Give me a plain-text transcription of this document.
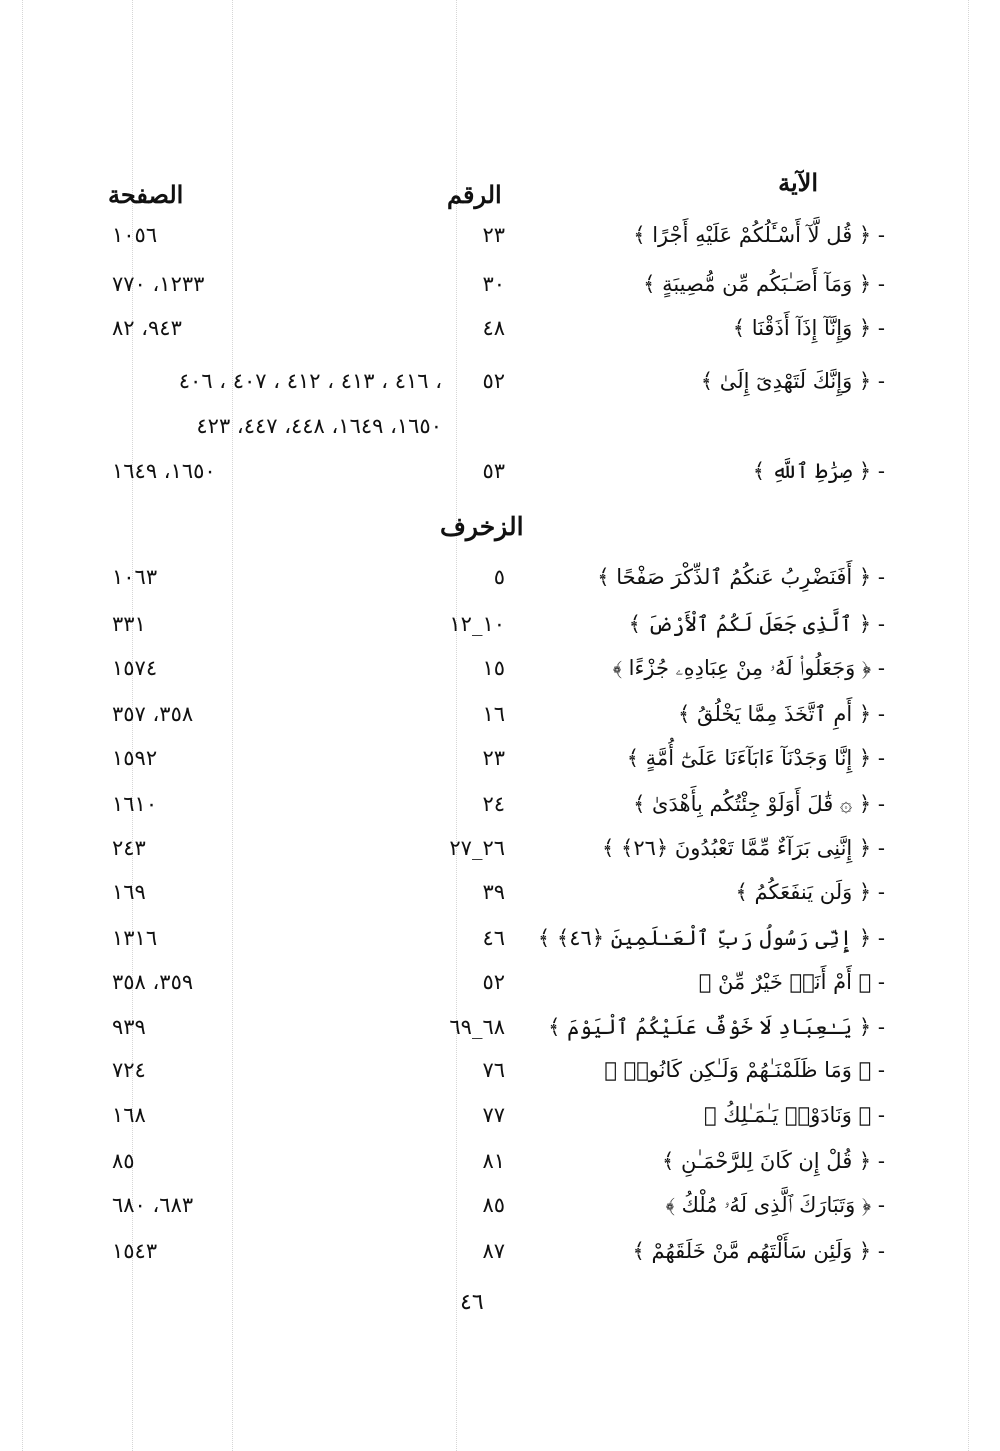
الآية
الرقم
الصفحة
- ﴿ قُل لَّآ أَسْـَٔلُكُمْ عَلَيْهِ أَجْرًا ﴾
٢٣
١٠٥٦
- ﴿ وَمَآ أَصَـٰبَكُم مِّن مُّصِيبَةٍ ﴾
٣٠
١٢٣٣، ٧٧٠
- ﴿ وَإِنَّآ إِذَآ أَذَقْنَا ﴾
٤٨
٩٤٣، ٨٢
- ﴿ وَإِنَّكَ لَتَهْدِىٓ إِلَىٰ ﴾
٥٢
، ٤١٦ ، ٤١٣ ، ٤١٢ ، ٤٠٧ ، ٤٠٦
١٦٥٠، ١٦٤٩، ٤٤٨، ٤٤٧، ٤٢٣
- ﴿ صِرَٰطِ ٱللَّهِ ﴾
٥٣
١٦٥٠، ١٦٤٩
الزخرف
- ﴿ أَفَنَضْرِبُ عَنكُمُ ٱلذِّكْرَ صَفْحًا ﴾
٥
١٠٦٣
- ﴿ ٱلَّذِى جَعَلَ لَكُمُ ٱلْأَرْضَ ﴾
١٠_١٢
٣٣١
- ﴿ وَجَعَلُوا۟ لَهُۥ مِنْ عِبَادِهِۦ جُزْءًا ﴾
١٥
١٥٧٤
- ﴿ أَمِ ٱتَّخَذَ مِمَّا يَخْلُقُ ﴾
١٦
٣٥٨، ٣٥٧
- ﴿ إِنَّا وَجَدْنَآ ءَابَآءَنَا عَلَىٰٓ أُمَّةٍ ﴾
٢٣
١٥٩٢
- ﴿ ۞ قَٰلَ أَوَلَوْ جِئْتُكُم بِأَهْدَىٰ ﴾
٢٤
١٦١٠
- ﴿ إِنَّنِى بَرَآءٌ مِّمَّا تَعْبُدُونَ ﴿٢٦﴾ ﴾
٢٦_٢٧
٢٤٣
- ﴿ وَلَن يَنفَعَكُمُ ﴾
٣٩
١٦٩
- ﴿ إِنِّى رَسُولُ رَبِّ ٱلْعَـٰلَمِينَ ﴿٤٦﴾ ﴾
٤٦
١٣١٦
- ﴿ أَمْ أَنَا۠ خَيْرٌ مِّنْ ﴾
٥٢
٣٥٩، ٣٥٨
- ﴿ يَـٰعِبَادِ لَا خَوْفٌ عَلَيْكُمُ ٱلْيَوْمَ ﴾
٦٨_٦٩
٩٣٩
- ﴿ وَمَا ظَلَمْنَـٰهُمْ وَلَـٰكِن كَانُوا۟ ﴾
٧٦
٧٢٤
- ﴿ وَنَادَوْا۟ يَـٰمَـٰلِكُ ﴾
٧٧
١٦٨
- ﴿ قُلْ إِن كَانَ لِلرَّحْمَـٰنِ ﴾
٨١
٨٥
- ﴿ وَتَبَارَكَ ٱلَّذِى لَهُۥ مُلْكُ ﴾
٨٥
٦٨٣، ٦٨٠
- ﴿ وَلَئِن سَأَلْتَهُم مَّنْ خَلَقَهُمْ ﴾
٨٧
١٥٤٣
٤٦
